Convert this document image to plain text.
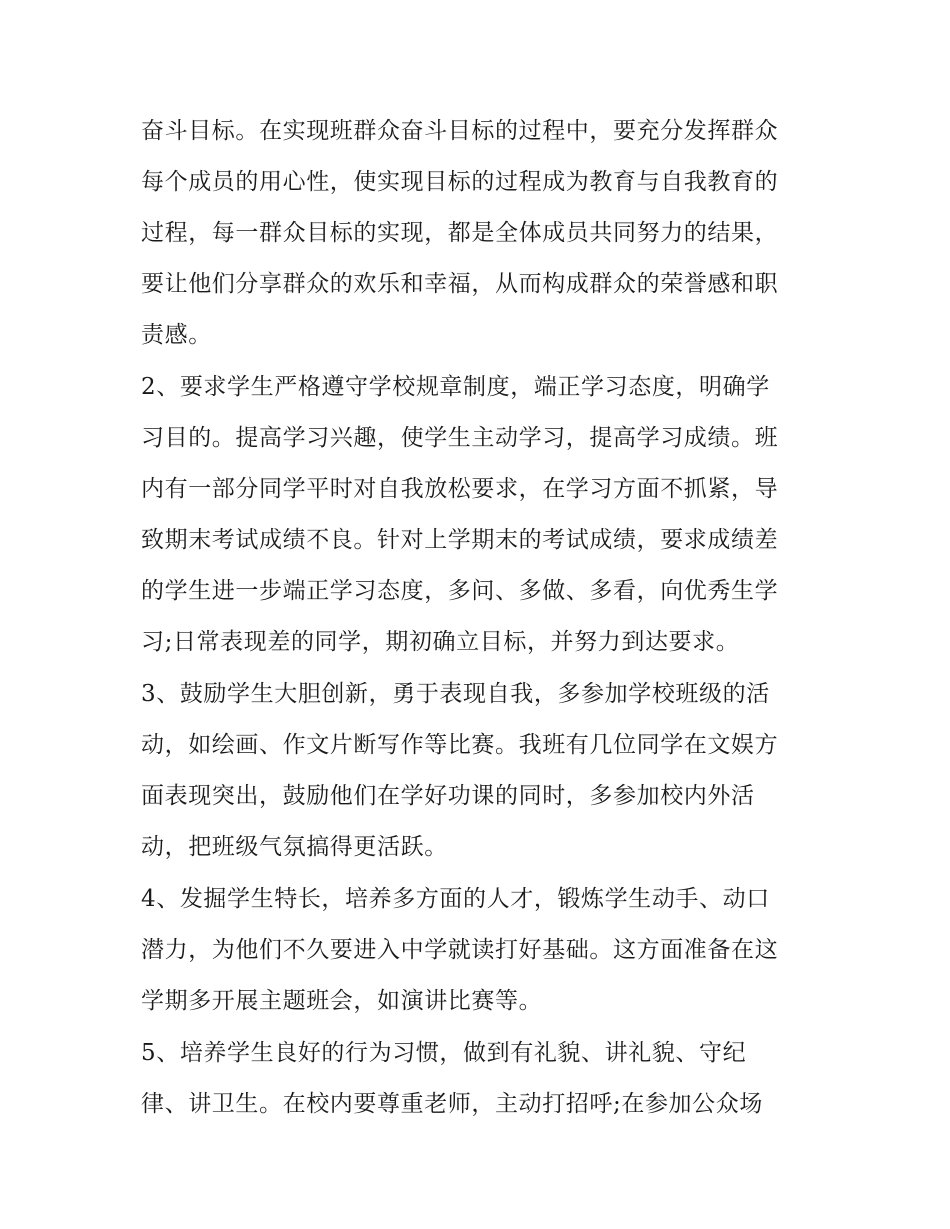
奋斗目标。在实现班群众奋斗目标的过程中，要充分发挥群众
每个成员的用心性，使实现目标的过程成为教育与自我教育的
过程，每一群众目标的实现，都是全体成员共同努力的结果，
要让他们分享群众的欢乐和幸福，从而构成群众的荣誉感和职
责感。
2、要求学生严格遵守学校规章制度，端正学习态度，明确学
习目的。提高学习兴趣，使学生主动学习，提高学习成绩。班
内有一部分同学平时对自我放松要求，在学习方面不抓紧，导
致期末考试成绩不良。针对上学期末的考试成绩，要求成绩差
的学生进一步端正学习态度，多问、多做、多看，向优秀生学
习;日常表现差的同学，期初确立目标，并努力到达要求。
3、鼓励学生大胆创新，勇于表现自我，多参加学校班级的活
动，如绘画、作文片断写作等比赛。我班有几位同学在文娱方
面表现突出，鼓励他们在学好功课的同时，多参加校内外活
动，把班级气氛搞得更活跃。
4、发掘学生特长，培养多方面的人才，锻炼学生动手、动口
潜力，为他们不久要进入中学就读打好基础。这方面准备在这
学期多开展主题班会，如演讲比赛等。
5、培养学生良好的行为习惯，做到有礼貌、讲礼貌、守纪
律、讲卫生。在校内要尊重老师，主动打招呼;在参加公众场
